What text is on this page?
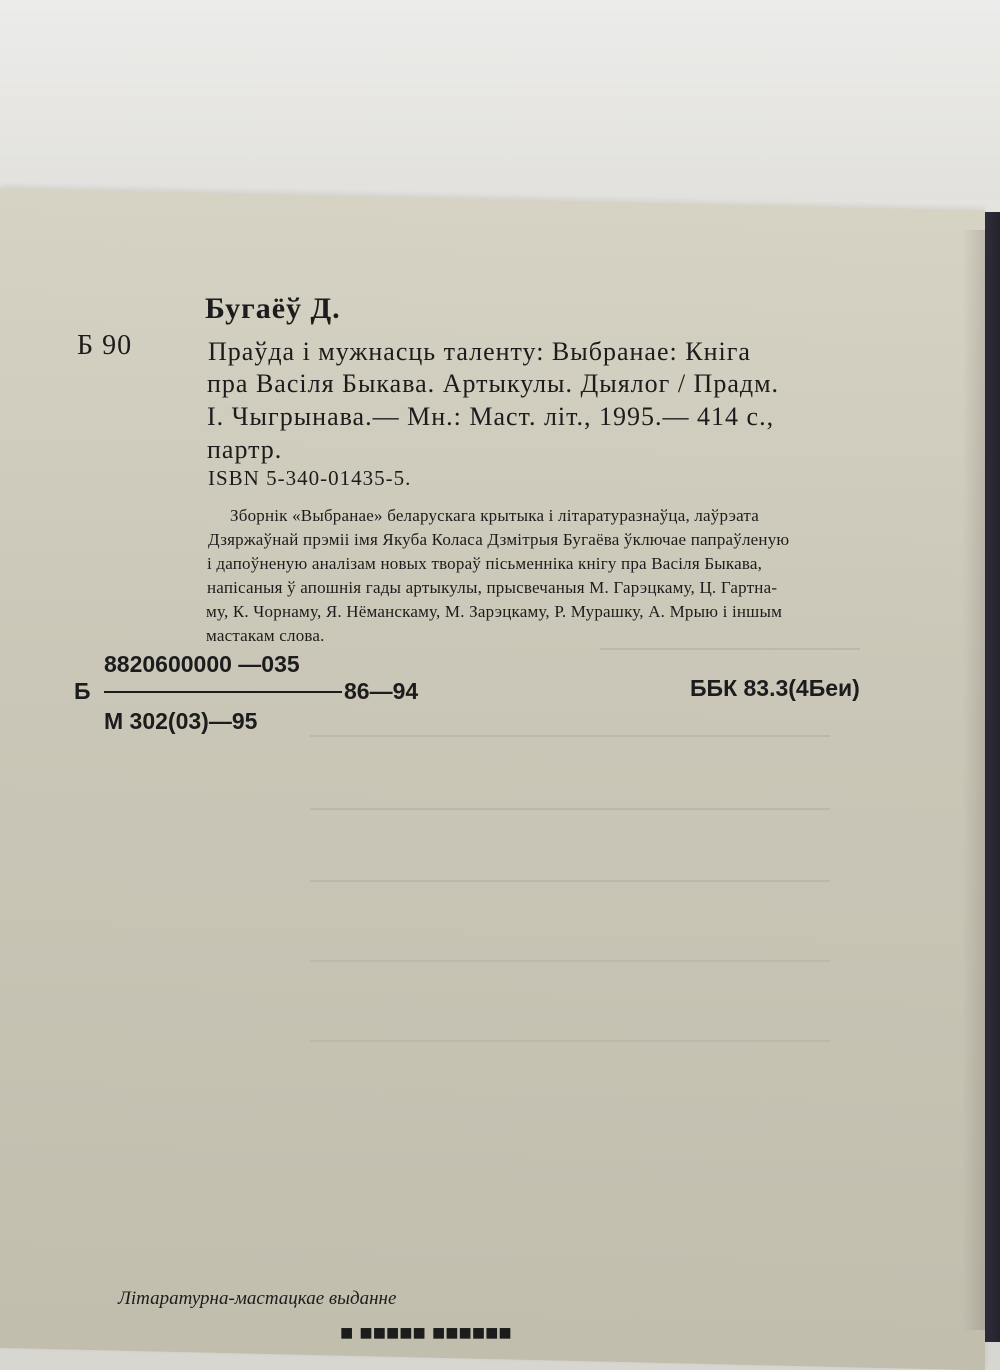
Бугаёў Д.
Б 90	Праўда і мужнасць таленту: Выбранае: Кніга
пра Васіля Быкава. Артыкулы. Дыялог / Прадм.
І. Чыгрынава.— Мн.: Маст. літ., 1995.— 414 с.,
партр.
ISBN 5-340-01435-5.
Зборнік «Выбранае» беларускага крытыка і літаратуразнаўца, лаўрэата
Дзяржаўнай прэміі імя Якуба Коласа Дзмітрыя Бугаёва ўключае папраўленую
і дапоўненую аналізам новых твораў пісьменніка кнігу пра Васіля Быкава,
напісаныя ў апошнія гады артыкулы, прысвечаныя М. Гарэцкаму, Ц. Гартна-
му, К. Чорнаму, Я. Нёманскаму, М. Зарэцкаму, Р. Мурашку, А. Мрыю і іншым
мастакам слова.
8820600000 —035
Б	86—94
М 302(03)—95
ББК 83.3(4Беи)
Літаратурна-мастацкае выданне
■ ■■■■■ ■■■■■■
